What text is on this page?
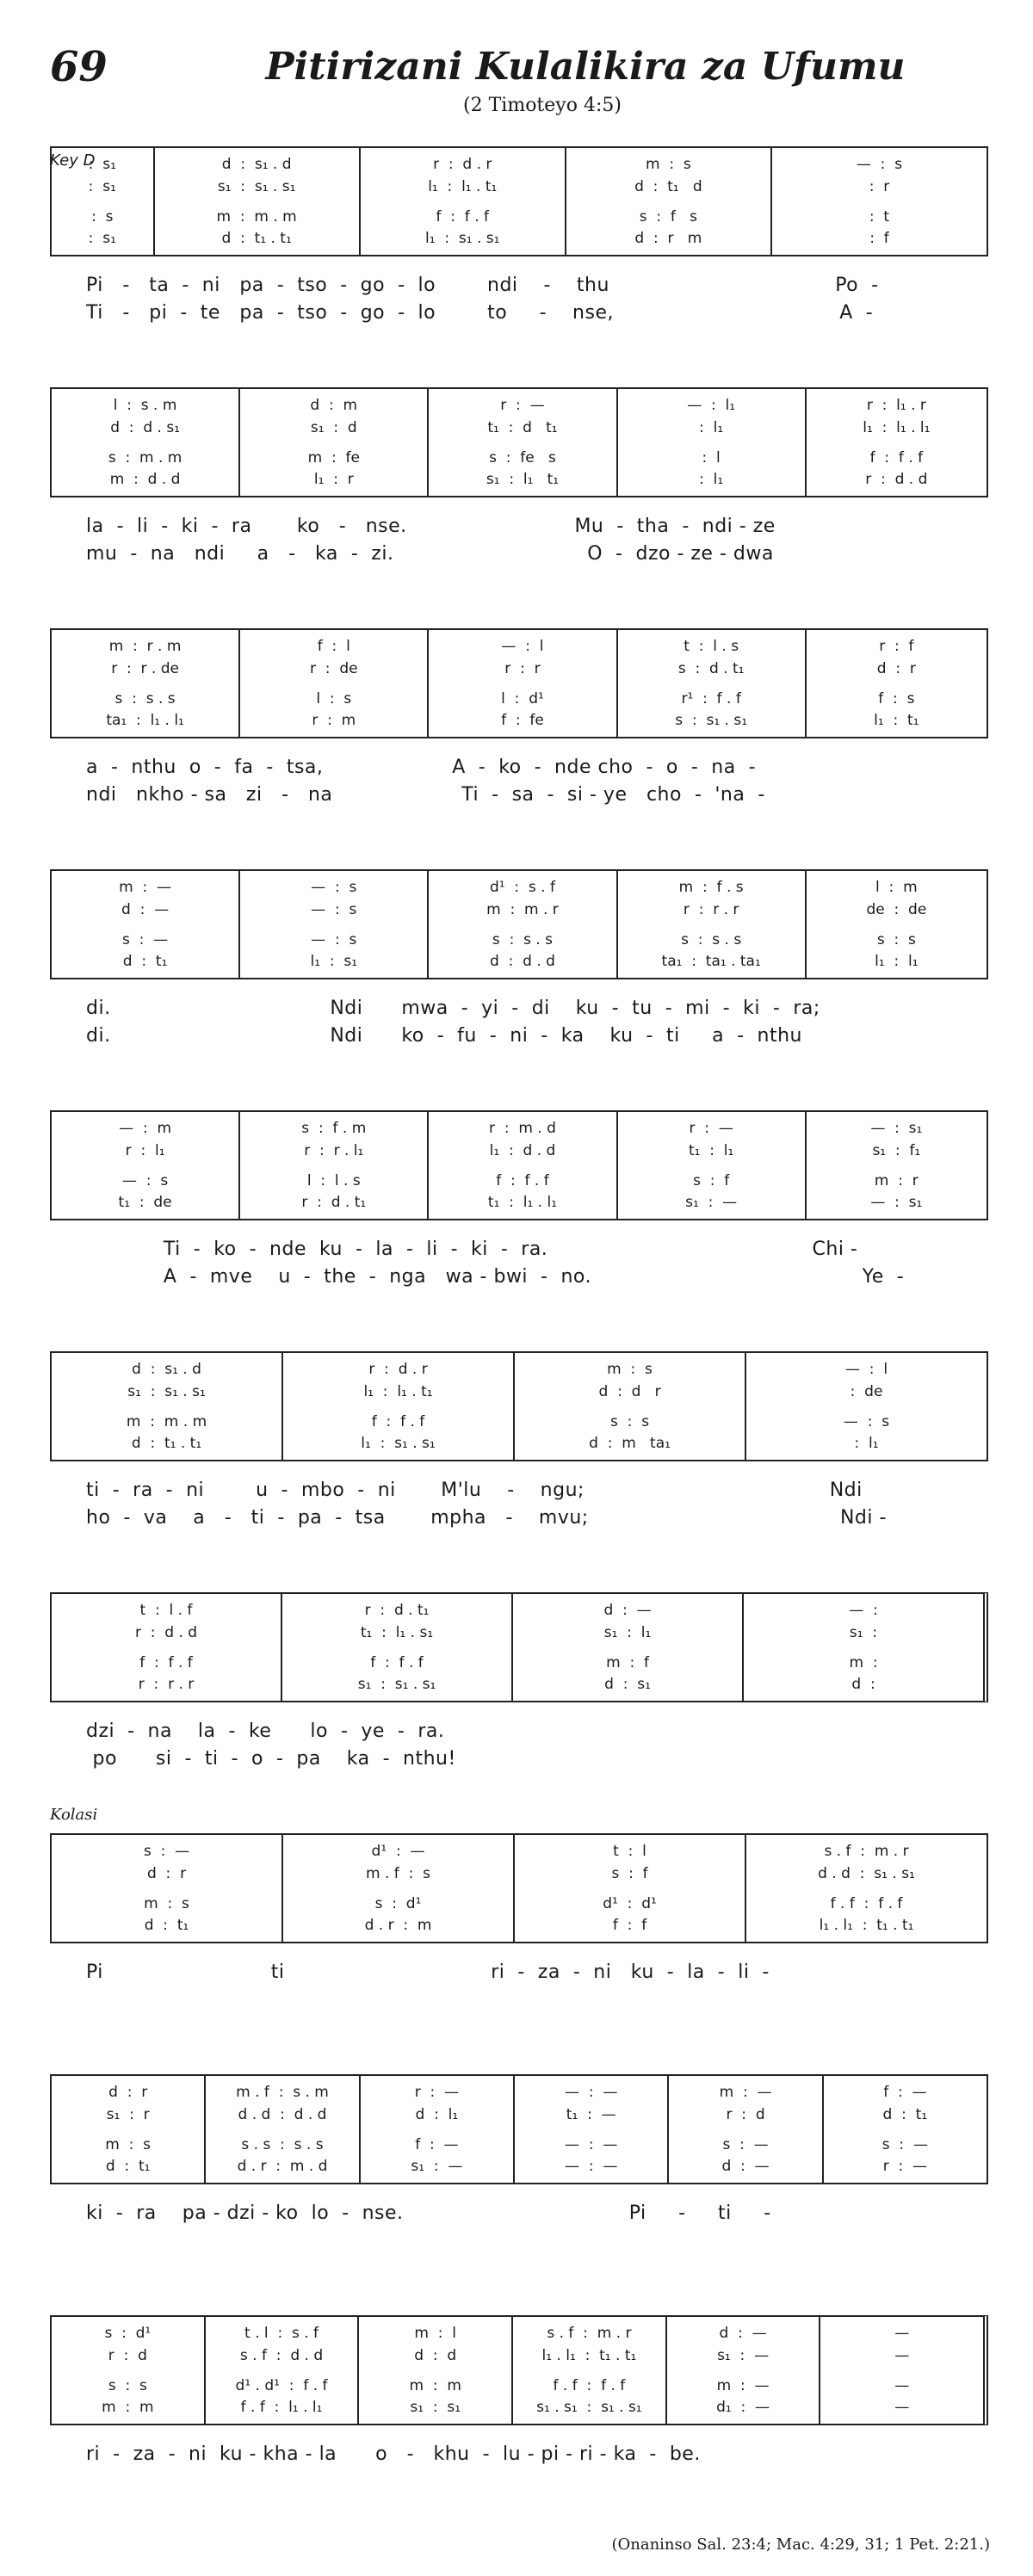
69	Pitirizani Kulalikira za Ufumu
(2 Timoteyo 4:5)
Key D
:  s₁
:  s₁
:  s
:  s₁
d  :  s₁ . d
s₁  :  s₁ . s₁
m  :  m . m
d  :  t₁ . t₁
r  :  d . r
l₁  :  l₁ . t₁
f  :  f . f
l₁  :  s₁ . s₁
m  :  s
d  :  t₁   d
s  :  f   s
d  :  r   m
—  :  s
:  r
:  t
:  f
Pi   -   ta  -  ni   pa  -  tso  -  go  -  lo        ndi    -    thu                                   Po  -
Ti   -   pi  -  te   pa  -  tso  -  go  -  lo        to     -    nse,                                   A  -
l  :  s . m
d  :  d . s₁
s  :  m . m
m  :  d . d
d  :  m
s₁  :  d
m  :  fe
l₁  :  r
r  :  —
t₁  :  d   t₁
s  :  fe   s
s₁  :  l₁   t₁
—  :  l₁
:  l₁
:  l
:  l₁
r  :  l₁ . r
l₁  :  l₁ . l₁
f  :  f . f
r  :  d . d
la  -  li  -  ki  -  ra       ko   -   nse.                          Mu  -  tha  -  ndi - ze
mu  -  na   ndi     a   -   ka  -  zi.                              O  -  dzo - ze - dwa
m  :  r . m
r  :  r . de
s  :  s . s
ta₁  :  l₁ . l₁
f  :  l
r  :  de
l  :  s
r  :  m
—  :  l
r  :  r
l  :  d¹
f  :  fe
t  :  l . s
s  :  d . t₁
r¹  :  f . f
s  :  s₁ . s₁
r  :  f
d  :  r
f  :  s
l₁  :  t₁
a  -  nthu  o  -  fa  -  tsa,                    A  -  ko  -  nde cho  -  o  -  na  -
ndi   nkho - sa   zi   -   na                    Ti  -  sa  -  si - ye   cho  -  'na  -
m  :  —
d  :  —
s  :  —
d  :  t₁
—  :  s
—  :  s
—  :  s
l₁  :  s₁
d¹  :  s . f
m  :  m . r
s  :  s . s
d  :  d . d
m  :  f . s
r  :  r . r
s  :  s . s
ta₁  :  ta₁ . ta₁
l  :  m
de  :  de
s  :  s
l₁  :  l₁
di.                                  Ndi      mwa  -  yi  -  di    ku  -  tu  -  mi  -  ki  -  ra;
di.                                  Ndi      ko  -  fu  -  ni  -  ka    ku  -  ti     a  -  nthu
—  :  m
r  :  l₁
—  :  s
t₁  :  de
s  :  f . m
r  :  r . l₁
l  :  l . s
r  :  d . t₁
r  :  m . d
l₁  :  d . d
f  :  f . f
t₁  :  l₁ . l₁
r  :  —
t₁  :  l₁
s  :  f
s₁  :  —
—  :  s₁
s₁  :  f₁
m  :  r
—  :  s₁
Ti  -  ko  -  nde  ku  -  la  -  li  -  ki  -  ra.                                         Chi -
A  -  mve    u  -  the  -  nga   wa - bwi  -  no.                                          Ye  -
d  :  s₁ . d
s₁  :  s₁ . s₁
m  :  m . m
d  :  t₁ . t₁
r  :  d . r
l₁  :  l₁ . t₁
f  :  f . f
l₁  :  s₁ . s₁
m  :  s
d  :  d   r
s  :  s
d  :  m   ta₁
—  :  l
:  de
—  :  s
:  l₁
ti  -  ra  -  ni        u  -  mbo  -  ni       M'lu    -    ngu;                                      Ndi
ho  -  va    a   -   ti  -  pa  -  tsa       mpha   -    mvu;                                       Ndi -
t  :  l . f
r  :  d . d
f  :  f . f
r  :  r . r
r  :  d . t₁
t₁  :  l₁ . s₁
f  :  f . f
s₁  :  s₁ . s₁
d  :  —
s₁  :  l₁
m  :  f
d  :  s₁
—  :
s₁  :
m  :
d  :
dzi  -  na    la  -  ke      lo  -  ye  -  ra.
po      si  -  ti  -  o  -  pa    ka  -  nthu!
s  :  —
d  :  r
m  :  s
d  :  t₁
d¹  :  —
m . f  :  s
s  :  d¹
d . r  :  m
t  :  l
s  :  f
d¹  :  d¹
f  :  f
s . f  :  m . r
d . d  :  s₁ . s₁
f . f  :  f . f
l₁ . l₁  :  t₁ . t₁
Pi                          ti                                ri  -  za  -  ni   ku  -  la  -  li  -
d  :  r
s₁  :  r
m  :  s
d  :  t₁
m . f  :  s . m
d . d  :  d . d
s . s  :  s . s
d . r  :  m . d
r  :  —
d  :  l₁
f  :  —
s₁  :  —
—  :  —
t₁  :  —
—  :  —
—  :  —
m  :  —
r  :  d
s  :  —
d  :  —
f  :  —
d  :  t₁
s  :  —
r  :  —
ki  -  ra    pa - dzi - ko  lo  -  nse.                                   Pi     -     ti     -
s  :  d¹
r  :  d
s  :  s
m  :  m
t . l  :  s . f
s . f  :  d . d
d¹ . d¹  :  f . f
f . f  :  l₁ . l₁
m  :  l
d  :  d
m  :  m
s₁  :  s₁
s . f  :  m . r
l₁ . l₁  :  t₁ . t₁
f . f  :  f . f
s₁ . s₁  :  s₁ . s₁
d  :  —
s₁  :  —
m  :  —
d₁  :  —
—
—
—
—
ri  -  za  -  ni  ku - kha - la      o   -   khu  -  lu - pi - ri - ka  -  be.
Kolasi
(Onaninso Sal. 23:4; Mac. 4:29, 31; 1 Pet. 2:21.)
